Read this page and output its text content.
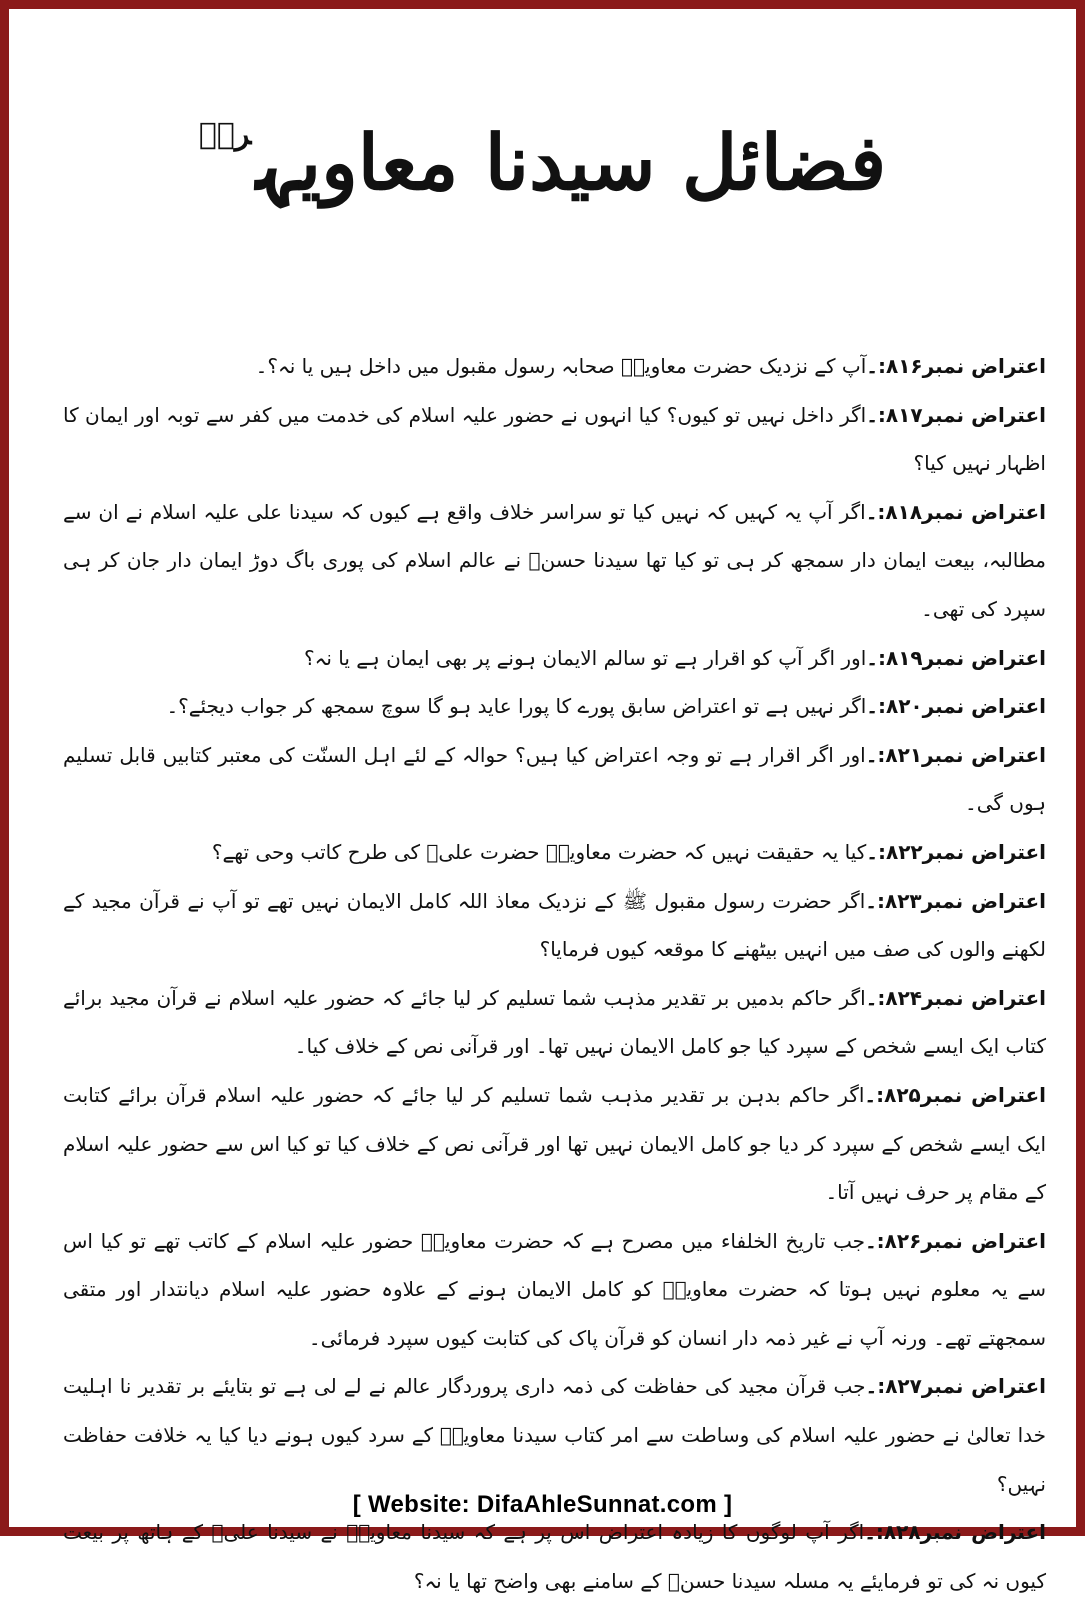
فضائل سیدنا معاویہ$^{رضؓ}$

اعتراض نمبر۸۱۶:۔آپ کے نزدیک حضرت معاویہؓ صحابہ رسول مقبول میں داخل ہیں یا نہ؟۔

اعتراض نمبر۸۱۷:۔اگر داخل نہیں تو کیوں؟ کیا انہوں نے حضور علیہ اسلام کی خدمت میں کفر سے توبہ اور ایمان کا اظہار نہیں کیا؟

اعتراض نمبر۸۱۸:۔اگر آپ یہ کہیں کہ نہیں کیا تو سراسر خلاف واقع ہے کیوں کہ سیدنا علی علیہ اسلام نے ان سے مطالبہ، بیعت ایمان دار سمجھ کر ہی تو کیا تھا سیدنا حسنؓ نے عالم اسلام کی پوری باگ دوڑ ایمان دار جان کر ہی سپرد کی تھی۔

اعتراض نمبر۸۱۹:۔اور اگر آپ کو اقرار ہے تو سالم الایمان ہونے پر بھی ایمان ہے یا نہ؟

اعتراض نمبر۸۲۰:۔اگر نہیں ہے تو اعتراض سابق پورے کا پورا عاید ہو گا سوچ سمجھ کر جواب دیجئے؟۔

اعتراض نمبر۸۲۱:۔اور اگر اقرار ہے تو وجہ اعتراض کیا ہیں؟ حوالہ کے لئے اہل السنّت کی معتبر کتابیں قابل تسلیم ہوں گی۔

اعتراض نمبر۸۲۲:۔کیا یہ حقیقت نہیں کہ حضرت معاویہؓ حضرت علیؓ کی طرح کاتب وحی تھے؟

اعتراض نمبر۸۲۳:۔اگر حضرت رسول مقبول ﷺ کے نزدیک معاذ اللہ کامل الایمان نہیں تھے تو آپ نے قرآن مجید کے لکھنے والوں کی صف میں انہیں بیٹھنے کا موقعہ کیوں فرمایا؟

اعتراض نمبر۸۲۴:۔اگر حاکم بدمیں بر تقدیر مذہب شما تسلیم کر لیا جائے کہ حضور علیہ اسلام نے قرآن مجید برائے کتاب ایک ایسے شخص کے سپرد کیا جو کامل الایمان نہیں تھا۔ اور قرآنی نص کے خلاف کیا۔

اعتراض نمبر۸۲۵:۔اگر حاکم بدہن بر تقدیر مذہب شما تسلیم کر لیا جائے کہ حضور علیہ اسلام قرآن برائے کتابت ایک ایسے شخص کے سپرد کر دیا جو کامل الایمان نہیں تھا اور قرآنی نص کے خلاف کیا تو کیا اس سے حضور علیہ اسلام کے مقام پر حرف نہیں آتا۔

اعتراض نمبر۸۲۶:۔جب تاریخ الخلفاء میں مصرح ہے کہ حضرت معاویہؓ حضور علیہ اسلام کے کاتب تھے تو کیا اس سے یہ معلوم نہیں ہوتا کہ حضرت معاویہؓ کو کامل الایمان ہونے کے علاوہ حضور علیہ اسلام دیانتدار اور متقی سمجھتے تھے۔ ورنہ آپ نے غیر ذمہ دار انسان کو قرآن پاک کی کتابت کیوں سپرد فرمائی۔

اعتراض نمبر۸۲۷:۔جب قرآن مجید کی حفاظت کی ذمہ داری پروردگار عالم نے لے لی ہے تو بتایئے بر تقدیر نا اہلیت خدا تعالیٰ نے حضور علیہ اسلام کی وساطت سے امر کتاب سیدنا معاویہؓ کے سرد کیوں ہونے دیا کیا یہ خلافت حفاظت نہیں؟

اعتراض نمبر۸۲۸:۔اگر آپ لوگوں کا زیادہ اعتراض اس پر ہے کہ سیدنا معاویہؓ نے سیدنا علیؓ کے ہاتھ پر بیعت کیوں نہ کی تو فرمایئے یہ مسلہ سیدنا حسنؓ کے سامنے بھی واضح تھا یا نہ؟

[ Website: DifaAhleSunnat.com ]
